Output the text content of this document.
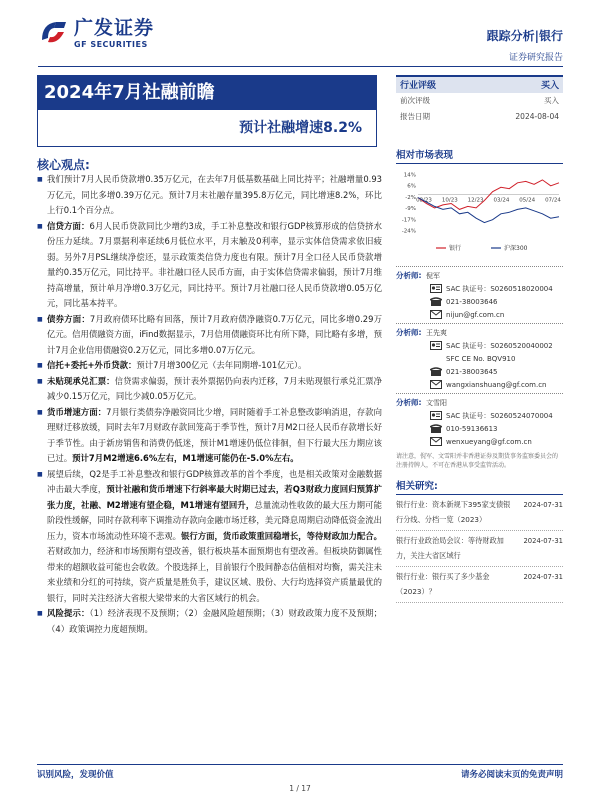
广发证券
GF SECURITIES
跟踪分析|银行
证券研究报告
2024年7月社融前瞻
预计社融增速8.2%
核心观点:
■ 我们预计7月人民币贷款增0.35万亿元，在去年7月低基数基础上同比持平；社融增量0.93万亿元，同比多增0.39万亿元。预计7月末社融存量395.8万亿元，同比增速8.2%，环比上行0.1个百分点。
■ 信贷方面：6月人民币贷款同比少增约3成，手工补息整改和银行GDP核算形成的信贷挤水份压力延续。7月票据利率延续6月低位水平，月末触及0利率，显示实体信贷需求依旧疲弱。另外7月PSL继续净偿还，显示政策类信贷力度也有限。预计7月全口径人民币贷款增量约0.35万亿元，同比持平。非社融口径人民币方面，由于实体信贷需求偏弱，预计7月维持高增量，预计单月净增0.3万亿元，同比持平。预计7月社融口径人民币贷款增0.05万亿元，同比基本持平。
■ 债券方面：7月政府债环比略有回落，预计7月政府债净融资0.7万亿元，同比多增0.29万亿元。信用债融资方面，iFind数据显示，7月信用债融资环比有所下降，同比略有多增，预计7月企业信用债融资0.2万亿元，同比多增0.07万亿元。
■ 信托+委托+外币贷款：预计7月增300亿元（去年同期增-101亿元）。
■ 未贴现承兑汇票：信贷需求偏弱，预计表外票据仍向表内迁移，7月未贴现银行承兑汇票净减少0.15万亿元，同比少减0.05万亿元。
■ 货币增速方面：7月银行类债券净融资同比少增，同时随着手工补息整改影响消退，存款向理财迁移放缓，同时去年7月财政存款回笼高于季节性，预计7月M2口径人民币存款增长好于季节性。由于新房销售和消费仍低迷，预计M1增速仍低位徘徊，但下行最大压力期应该已过。预计7月M2增速6.6%左右，M1增速可能仍在-5.0%左右。
■ 展望后续，Q2是手工补息整改和银行GDP核算改革的首个季度，也是相关政策对金融数据冲击最大季度，预计社融和货币增速下行斜率最大时期已过去，若Q3财政力度回归预算扩张力度，社融、M2增速有望企稳，M1增速有望回升，总量流动性收敛的最大压力期可能阶段性缓解，同时存款利率下调推动存款向金融市场迁移，美元降息周期启动降低资金流出压力，资本市场流动性环境不悲观。银行方面，货币政策重回稳增长，等待财政加力配合。若财政加力，经济和市场预期有望改善，银行板块基本面预期也有望改善。但板块防御属性带来的超额收益可能也会收敛。个股选择上，目前银行个股间静态估值相对均衡，需关注未来业绩和分红的可持续，资产质量是胜负手，建议区域、股份、大行均选择资产质量最优的银行，同时关注经济大省根大梁带来的大省区域行的机会。
■ 风险提示：（1）经济表现不及预期；（2）金融风险超预期；（3）财政政策力度不及预期；（4）政策调控力度超预期。
行业评级	买入
前次评级	买入
报告日期	2024-08-04
相对市场表现
14%
6%
-2%
-9%
-17%
-24%
08/23 10/23 12/23 03/24 05/24 07/24
银行	沪深300
分析师: 倪军
SAC 执证号：S0260518020004
021-38003646
nijun@gf.com.cn
分析师: 王先爽
SAC 执证号：S0260520040002
SFC CE No. BQV910
021-38003645
wangxianshuang@gf.com.cn
分析师: 文雪阳
SAC 执证号：S0260524070004
010-59136613
wenxueyang@gf.com.cn
请注意，倪军、文雪阳并非香港证券及期货事务监察委员会的注册持牌人，不可在香港从事受监管活动。
相关研究:
银行行业：资本新规下395家支债银行分线、分档一览（2023）
2024-07-31
银行行业政治局会议：等待财政加力，关注大省区域行
2024-07-31
银行行业：银行买了多少基金（2023）？
2024-07-31
识别风险，发现价值	请务必阅读末页的免责声明
1 / 17
